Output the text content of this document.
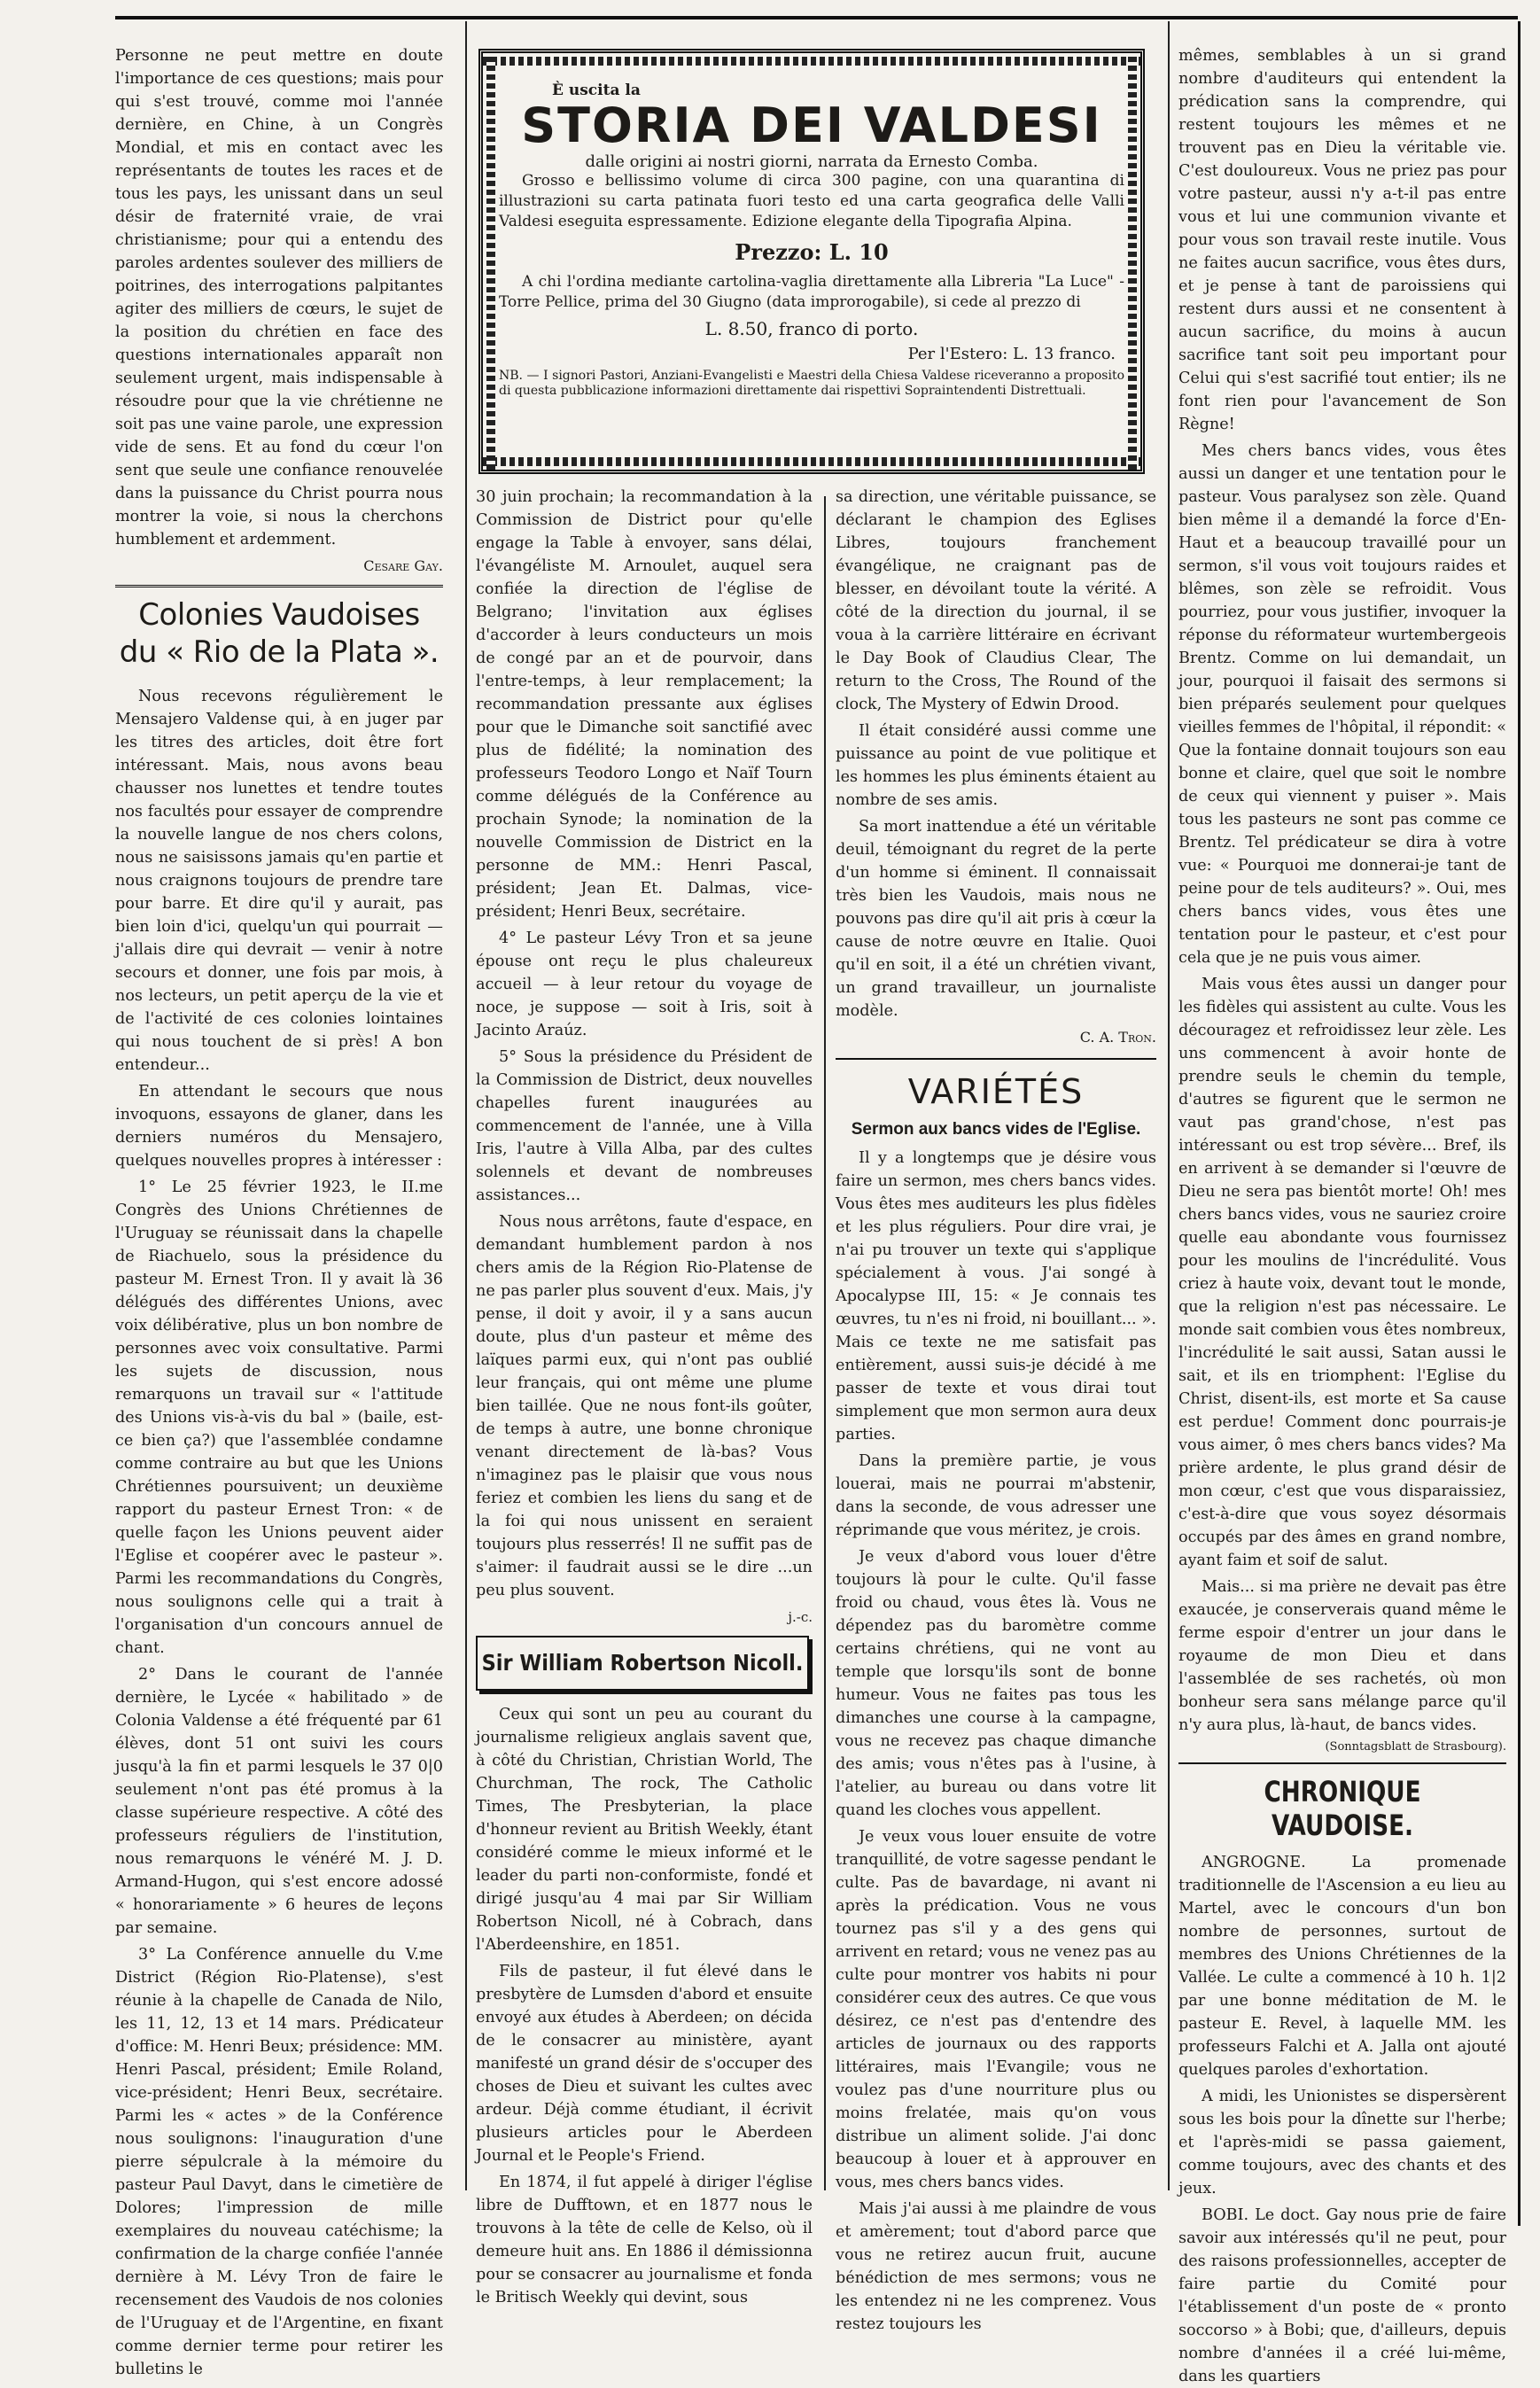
Personne ne peut mettre en doute l'importance de ces questions; mais pour qui s'est trouvé, comme moi l'année dernière, en Chine, à un Congrès Mondial, et mis en contact avec les représentants de toutes les races et de tous les pays, les unissant dans un seul désir de fraternité vraie, de vrai christianisme; pour qui a entendu des paroles ardentes soulever des milliers de poitrines, des interrogations palpitantes agiter des milliers de cœurs, le sujet de la position du chrétien en face des questions internationales apparaît non seulement urgent, mais indispensable à résoudre pour que la vie chrétienne ne soit pas une vaine parole, une expression vide de sens. Et au fond du cœur l'on sent que seule une confiance renouvelée dans la puissance du Christ pourra nous montrer la voie, si nous la cherchons humblement et ardemment.

Cesare Gay.

Colonies Vaudoises
du « Rio de la Plata ».

Nous recevons régulièrement le Mensajero Valdense qui, à en juger par les titres des articles, doit être fort intéressant. Mais, nous avons beau chausser nos lunettes et tendre toutes nos facultés pour essayer de comprendre la nouvelle langue de nos chers colons, nous ne saisissons jamais qu'en partie et nous craignons toujours de prendre tare pour barre. Et dire qu'il y aurait, pas bien loin d'ici, quelqu'un qui pourrait — j'allais dire qui devrait — venir à notre secours et donner, une fois par mois, à nos lecteurs, un petit aperçu de la vie et de l'activité de ces colonies lointaines qui nous touchent de si près! A bon entendeur...

En attendant le secours que nous invoquons, essayons de glaner, dans les derniers numéros du Mensajero, quelques nouvelles propres à intéresser :

1° Le 25 février 1923, le II.me Congrès des Unions Chrétiennes de l'Uruguay se réunissait dans la chapelle de Riachuelo, sous la présidence du pasteur M. Ernest Tron. Il y avait là 36 délégués des différentes Unions, avec voix délibérative, plus un bon nombre de personnes avec voix consultative. Parmi les sujets de discussion, nous remarquons un travail sur « l'attitude des Unions vis-à-vis du bal » (baile, est-ce bien ça?) que l'assemblée condamne comme contraire au but que les Unions Chrétiennes poursuivent; un deuxième rapport du pasteur Ernest Tron: « de quelle façon les Unions peuvent aider l'Eglise et coopérer avec le pasteur ». Parmi les recommandations du Congrès, nous soulignons celle qui a trait à l'organisation d'un concours annuel de chant.

2° Dans le courant de l'année dernière, le Lycée « habilitado » de Colonia Valdense a été fréquenté par 61 élèves, dont 51 ont suivi les cours jusqu'à la fin et parmi lesquels le 37 0|0 seulement n'ont pas été promus à la classe supérieure respective. A côté des professeurs réguliers de l'institution, nous remarquons le vénéré M. J. D. Armand-Hugon, qui s'est encore adossé « honorariamente » 6 heures de leçons par semaine.

3° La Conférence annuelle du V.me District (Région Rio-Platense), s'est réunie à la chapelle de Canada de Nilo, les 11, 12, 13 et 14 mars. Prédicateur d'office: M. Henri Beux; présidence: MM. Henri Pascal, président; Emile Roland, vice-président; Henri Beux, secrétaire. Parmi les « actes » de la Conférence nous soulignons: l'inauguration d'une pierre sépulcrale à la mémoire du pasteur Paul Davyt, dans le cimetière de Dolores; l'impression de mille exemplaires du nouveau catéchisme; la confirmation de la charge confiée l'année dernière à M. Lévy Tron de faire le recensement des Vaudois de nos colonies de l'Uruguay et de l'Argentine, en fixant comme dernier terme pour retirer les bulletins le

È uscita la
STORIA DEI VALDESI
dalle origini ai nostri giorni, narrata da Ernesto Comba.

Grosso e bellissimo volume di circa 300 pagine, con una quarantina di illustrazioni su carta patinata fuori testo ed una carta geografica delle Valli Valdesi eseguita espressamente. Edizione elegante della Tipografia Alpina.

Prezzo: L. 10

A chi l'ordina mediante cartolina-vaglia direttamente alla Libreria "La Luce" - Torre Pellice, prima del 30 Giugno (data improrogabile), si cede al prezzo di

L. 8.50, franco di porto.
Per l'Estero: L. 13 franco.

NB. — I signori Pastori, Anziani-Evangelisti e Maestri della Chiesa Valdese riceveranno a proposito di questa pubblicazione informazioni direttamente dai rispettivi Sopraintendenti Distrettuali.

30 juin prochain; la recommandation à la Commission de District pour qu'elle engage la Table à envoyer, sans délai, l'évangéliste M. Arnoulet, auquel sera confiée la direction de l'église de Belgrano; l'invitation aux églises d'accorder à leurs conducteurs un mois de congé par an et de pourvoir, dans l'entre-temps, à leur remplacement; la recommandation pressante aux églises pour que le Dimanche soit sanctifié avec plus de fidélité; la nomination des professeurs Teodoro Longo et Naïf Tourn comme délégués de la Conférence au prochain Synode; la nomination de la nouvelle Commission de District en la personne de MM.: Henri Pascal, président; Jean Et. Dalmas, vice-président; Henri Beux, secrétaire.

4° Le pasteur Lévy Tron et sa jeune épouse ont reçu le plus chaleureux accueil — à leur retour du voyage de noce, je suppose — soit à Iris, soit à Jacinto Araúz.

5° Sous la présidence du Président de la Commission de District, deux nouvelles chapelles furent inaugurées au commencement de l'année, une à Villa Iris, l'autre à Villa Alba, par des cultes solennels et devant de nombreuses assistances...

Nous nous arrêtons, faute d'espace, en demandant humblement pardon à nos chers amis de la Région Rio-Platense de ne pas parler plus souvent d'eux. Mais, j'y pense, il doit y avoir, il y a sans aucun doute, plus d'un pasteur et même des laïques parmi eux, qui n'ont pas oublié leur français, qui ont même une plume bien taillée. Que ne nous font-ils goûter, de temps à autre, une bonne chronique venant directement de là-bas? Vous n'imaginez pas le plaisir que vous nous feriez et combien les liens du sang et de la foi qui nous unissent en seraient toujours plus resserrés! Il ne suffit pas de s'aimer: il faudrait aussi se le dire ...un peu plus souvent.

j.-c.

Sir William Robertson Nicoll.

Ceux qui sont un peu au courant du journalisme religieux anglais savent que, à côté du Christian, Christian World, The Churchman, The rock, The Catholic Times, The Presbyterian, la place d'honneur revient au British Weekly, étant considéré comme le mieux informé et le leader du parti non-conformiste, fondé et dirigé jusqu'au 4 mai par Sir William Robertson Nicoll, né à Cobrach, dans l'Aberdeenshire, en 1851.

Fils de pasteur, il fut élevé dans le presbytère de Lumsden d'abord et ensuite envoyé aux études à Aberdeen; on décida de le consacrer au ministère, ayant manifesté un grand désir de s'occuper des choses de Dieu et suivant les cultes avec ardeur. Déjà comme étudiant, il écrivit plusieurs articles pour le Aberdeen Journal et le People's Friend.

En 1874, il fut appelé à diriger l'église libre de Dufftown, et en 1877 nous le trouvons à la tête de celle de Kelso, où il demeure huit ans. En 1886 il démissionna pour se consacrer au journalisme et fonda le Britisch Weekly qui devint, sous

sa direction, une véritable puissance, se déclarant le champion des Eglises Libres, toujours franchement évangélique, ne craignant pas de blesser, en dévoilant toute la vérité. A côté de la direction du journal, il se voua à la carrière littéraire en écrivant le Day Book of Claudius Clear, The return to the Cross, The Round of the clock, The Mystery of Edwin Drood.

Il était considéré aussi comme une puissance au point de vue politique et les hommes les plus éminents étaient au nombre de ses amis.

Sa mort inattendue a été un véritable deuil, témoignant du regret de la perte d'un homme si éminent. Il connaissait très bien les Vaudois, mais nous ne pouvons pas dire qu'il ait pris à cœur la cause de notre œuvre en Italie. Quoi qu'il en soit, il a été un chrétien vivant, un grand travailleur, un journaliste modèle.

C. A. Tron.

VARIÉTÉS
Sermon aux bancs vides de l'Eglise.

Il y a longtemps que je désire vous faire un sermon, mes chers bancs vides. Vous êtes mes auditeurs les plus fidèles et les plus réguliers. Pour dire vrai, je n'ai pu trouver un texte qui s'applique spécialement à vous. J'ai songé à Apocalypse III, 15: « Je connais tes œuvres, tu n'es ni froid, ni bouillant... ». Mais ce texte ne me satisfait pas entièrement, aussi suis-je décidé à me passer de texte et vous dirai tout simplement que mon sermon aura deux parties.

Dans la première partie, je vous louerai, mais ne pourrai m'abstenir, dans la seconde, de vous adresser une réprimande que vous méritez, je crois.

Je veux d'abord vous louer d'être toujours là pour le culte. Qu'il fasse froid ou chaud, vous êtes là. Vous ne dépendez pas du baromètre comme certains chrétiens, qui ne vont au temple que lorsqu'ils sont de bonne humeur. Vous ne faites pas tous les dimanches une course à la campagne, vous ne recevez pas chaque dimanche des amis; vous n'êtes pas à l'usine, à l'atelier, au bureau ou dans votre lit quand les cloches vous appellent.

Je veux vous louer ensuite de votre tranquillité, de votre sagesse pendant le culte. Pas de bavardage, ni avant ni après la prédication. Vous ne vous tournez pas s'il y a des gens qui arrivent en retard; vous ne venez pas au culte pour montrer vos habits ni pour considérer ceux des autres. Ce que vous désirez, ce n'est pas d'entendre des articles de journaux ou des rapports littéraires, mais l'Evangile; vous ne voulez pas d'une nourriture plus ou moins frelatée, mais qu'on vous distribue un aliment solide. J'ai donc beaucoup à louer et à approuver en vous, mes chers bancs vides.

Mais j'ai aussi à me plaindre de vous et amèrement; tout d'abord parce que vous ne retirez aucun fruit, aucune bénédiction de mes sermons; vous ne les entendez ni ne les comprenez. Vous restez toujours les

mêmes, semblables à un si grand nombre d'auditeurs qui entendent la prédication sans la comprendre, qui restent toujours les mêmes et ne trouvent pas en Dieu la véritable vie. C'est douloureux. Vous ne priez pas pour votre pasteur, aussi n'y a-t-il pas entre vous et lui une communion vivante et pour vous son travail reste inutile. Vous ne faites aucun sacrifice, vous êtes durs, et je pense à tant de paroissiens qui restent durs aussi et ne consentent à aucun sacrifice, du moins à aucun sacrifice tant soit peu important pour Celui qui s'est sacrifié tout entier; ils ne font rien pour l'avancement de Son Règne!

Mes chers bancs vides, vous êtes aussi un danger et une tentation pour le pasteur. Vous paralysez son zèle. Quand bien même il a demandé la force d'En-Haut et a beaucoup travaillé pour un sermon, s'il vous voit toujours raides et blêmes, son zèle se refroidit. Vous pourriez, pour vous justifier, invoquer la réponse du réformateur wurtembergeois Brentz. Comme on lui demandait, un jour, pourquoi il faisait des sermons si bien préparés seulement pour quelques vieilles femmes de l'hôpital, il répondit: « Que la fontaine donnait toujours son eau bonne et claire, quel que soit le nombre de ceux qui viennent y puiser ». Mais tous les pasteurs ne sont pas comme ce Brentz. Tel prédicateur se dira à votre vue: « Pourquoi me donnerai-je tant de peine pour de tels auditeurs? ». Oui, mes chers bancs vides, vous êtes une tentation pour le pasteur, et c'est pour cela que je ne puis vous aimer.

Mais vous êtes aussi un danger pour les fidèles qui assistent au culte. Vous les découragez et refroidissez leur zèle. Les uns commencent à avoir honte de prendre seuls le chemin du temple, d'autres se figurent que le sermon ne vaut pas grand'chose, n'est pas intéressant ou est trop sévère... Bref, ils en arrivent à se demander si l'œuvre de Dieu ne sera pas bientôt morte! Oh! mes chers bancs vides, vous ne sauriez croire quelle eau abondante vous fournissez pour les moulins de l'incrédulité. Vous criez à haute voix, devant tout le monde, que la religion n'est pas nécessaire. Le monde sait combien vous êtes nombreux, l'incrédulité le sait aussi, Satan aussi le sait, et ils en triomphent: l'Eglise du Christ, disent-ils, est morte et Sa cause est perdue! Comment donc pourrais-je vous aimer, ô mes chers bancs vides? Ma prière ardente, le plus grand désir de mon cœur, c'est que vous disparaissiez, c'est-à-dire que vous soyez désormais occupés par des âmes en grand nombre, ayant faim et soif de salut.

Mais... si ma prière ne devait pas être exaucée, je conserverais quand même le ferme espoir d'entrer un jour dans le royaume de mon Dieu et dans l'assemblée de ses rachetés, où mon bonheur sera sans mélange parce qu'il n'y aura plus, là-haut, de bancs vides.

(Sonntagsblatt de Strasbourg).
CHRONIQUE VAUDOISE.

ANGROGNE. La promenade traditionnelle de l'Ascension a eu lieu au Martel, avec le concours d'un bon nombre de personnes, surtout de membres des Unions Chrétiennes de la Vallée. Le culte a commencé à 10 h. 1|2 par une bonne méditation de M. le pasteur E. Revel, à laquelle MM. les professeurs Falchi et A. Jalla ont ajouté quelques paroles d'exhortation.

A midi, les Unionistes se dispersèrent sous les bois pour la dînette sur l'herbe; et l'après-midi se passa gaiement, comme toujours, avec des chants et des jeux.

BOBI. Le doct. Gay nous prie de faire savoir aux intéressés qu'il ne peut, pour des raisons professionnelles, accepter de faire partie du Comité pour l'établissement d'un poste de « pronto soccorso » à Bobi; que, d'ailleurs, depuis nombre d'années il a créé lui-même, dans les quartiers
